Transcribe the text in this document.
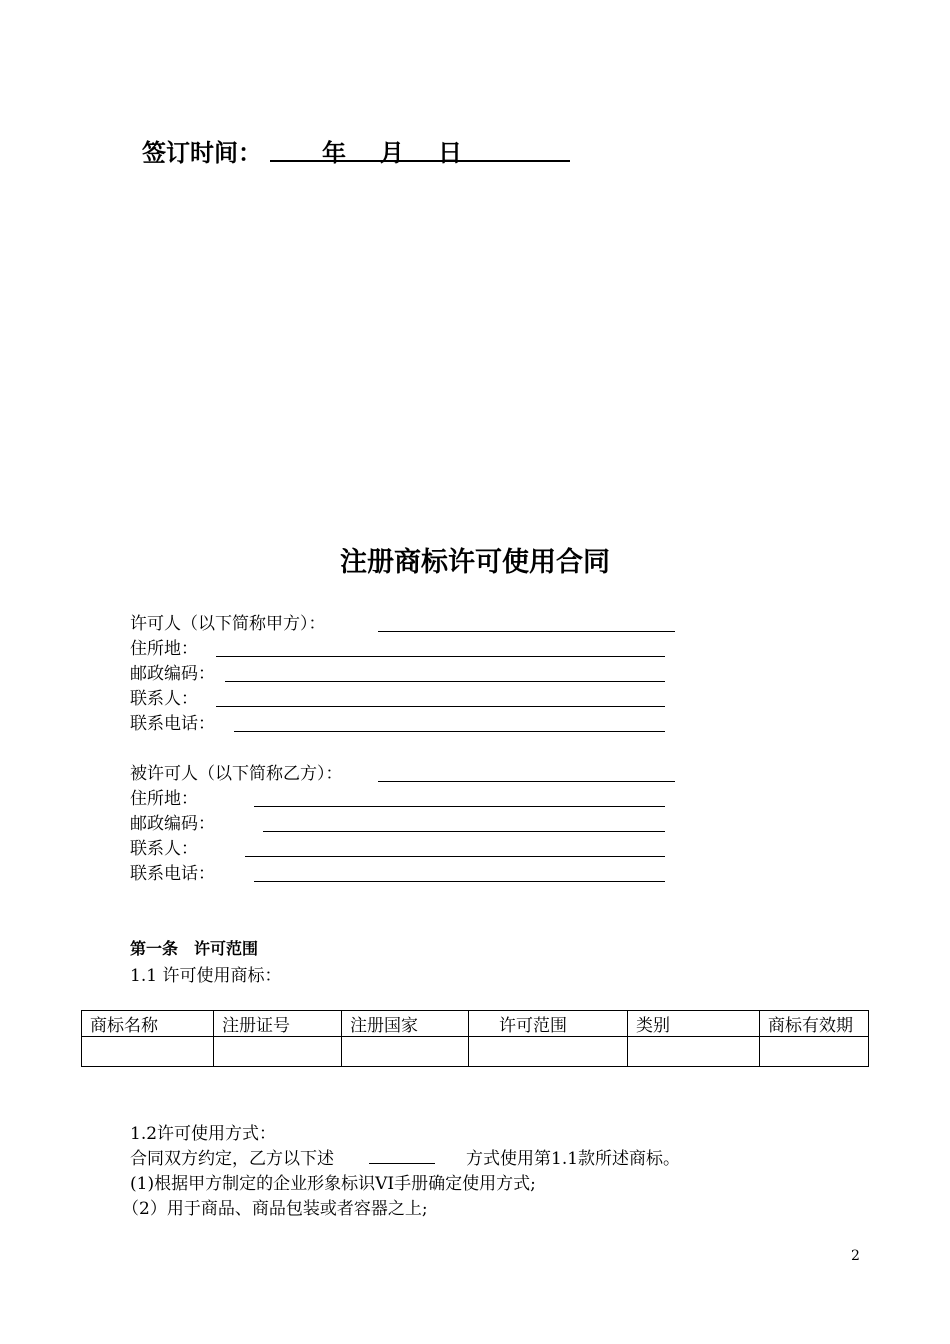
签订时间：	年 月 日
注册商标许可使用合同
许可人（以下简称甲方）：
住所地：
邮政编码：
联系人：
联系电话：
被许可人（以下简称乙方）：
住所地：
邮政编码：
联系人：
联系电话：
第一条　许可范围
1.1 许可使用商标：
商标名称	注册证号	注册国家	许可范围	类别	商标有效期

1.2许可使用方式：
合同双方约定，乙方以下述	方式使用第1.1款所述商标。
(1)根据甲方制定的企业形象标识VI手册确定使用方式;
（2）用于商品、商品包装或者容器之上;
2
